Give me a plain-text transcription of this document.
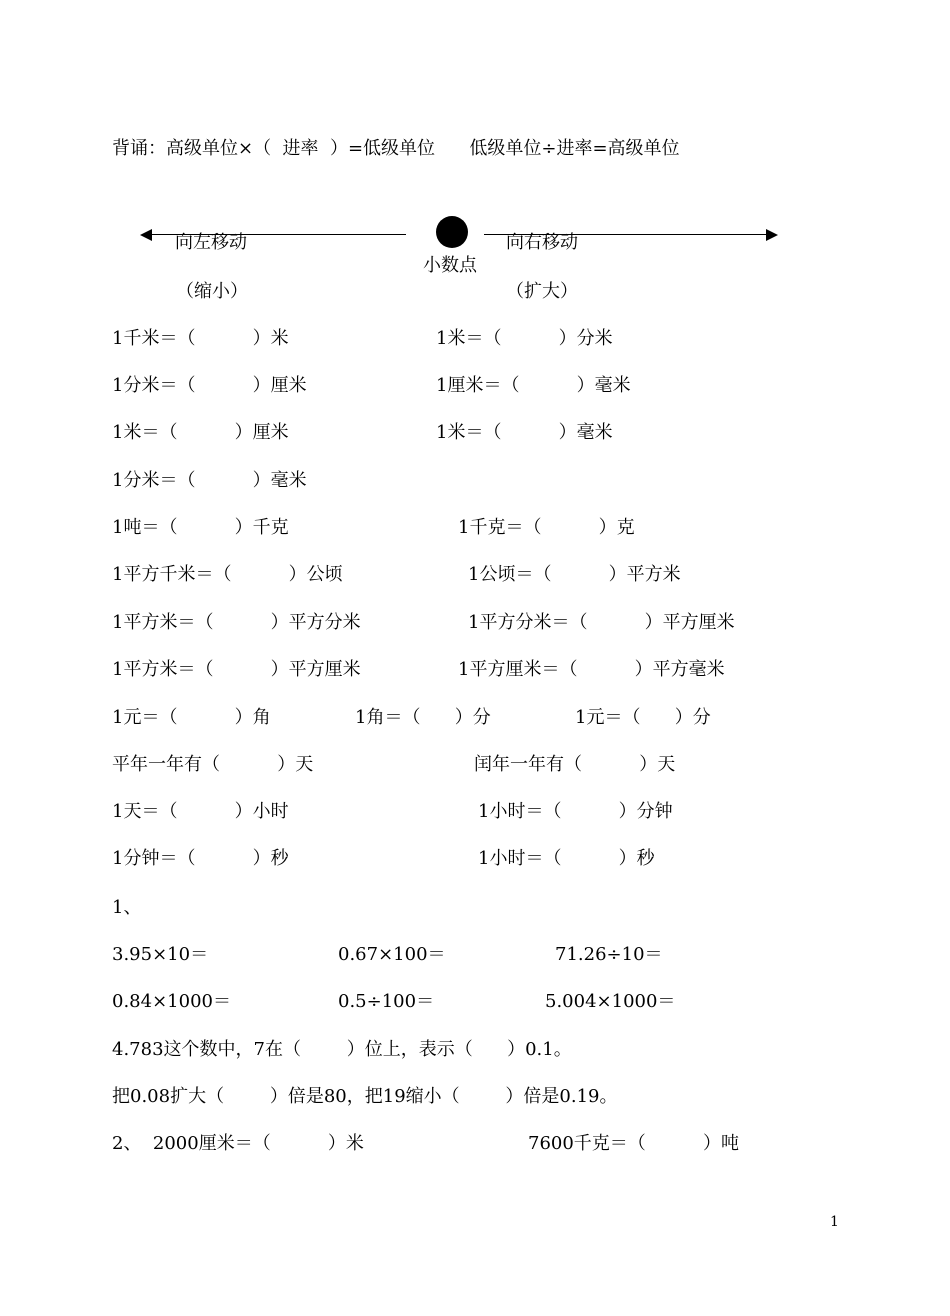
背诵：高级单位×（  进率  ）=低级单位      低级单位÷进率=高级单位
向左移动	向右移动
小数点
（缩小）	（扩大）
1千米＝（          ）米	1米＝（          ）分米
1分米＝（          ）厘米	1厘米＝（          ）毫米
1米＝（          ）厘米	1米＝（          ）毫米
1分米＝（          ）毫米
1吨＝（          ）千克	1千克＝（          ）克
1平方千米＝（          ）公顷	1公顷＝（          ）平方米
1平方米＝（          ）平方分米	1平方分米＝（          ）平方厘米
1平方米＝（          ）平方厘米	1平方厘米＝（          ）平方毫米
1元＝（          ）角	1角＝（      ）分	1元＝（      ）分
平年一年有（          ）天	闰年一年有（          ）天
1天＝（          ）小时	1小时＝（          ）分钟
1分钟＝（          ）秒	1小时＝（          ）秒
1、
3.95×10＝	0.67×100＝	71.26÷10＝
0.84×1000＝	0.5÷100＝	5.004×1000＝
4.783这个数中，7在（        ）位上，表示（      ）0.1。
把0.08扩大（        ）倍是80，把19缩小（        ）倍是0.19。
2、  2000厘米＝（          ）米	7600千克＝（          ）吨
1
